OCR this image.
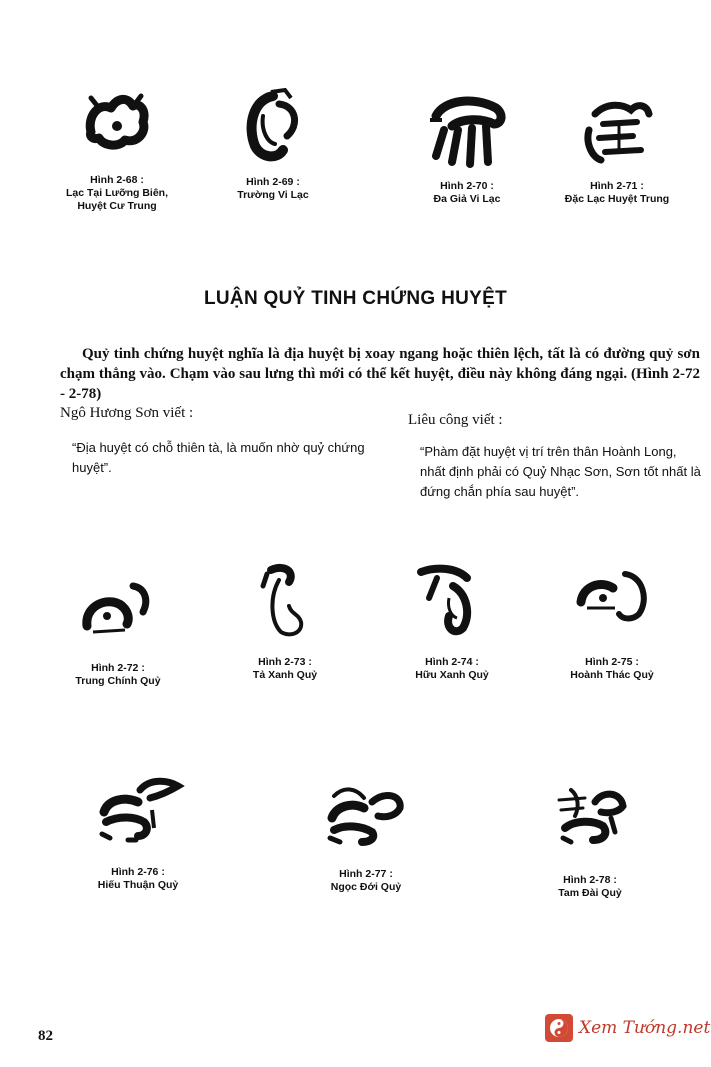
Hình 2-68 :
Lạc Tại Lưỡng Biên,
Huyệt Cư Trung
Hình 2-69 :
Trường Vi Lạc
Hình 2-70 :
Đa Giả Vi Lạc
Hình 2-71 :
Đặc Lạc Huyệt Trung
LUẬN QUỶ TINH CHỨNG HUYỆT

Quỷ tinh chứng huyệt nghĩa là địa huyệt bị xoay ngang hoặc thiên lệch, tất là có đường quỷ sơn chạm thẳng vào. Chạm vào sau lưng thì mới có thể kết huyệt, điều này không đáng ngại. (Hình 2-72 - 2-78)

Ngô Hương Sơn viết :
“Địa huyệt có chỗ thiên tà, là muốn nhờ quỷ chứng huyệt”.
Liêu công viết :
“Phàm đặt huyệt vị trí trên thân Hoành Long, nhất định phải có Quỷ Nhạc Sơn, Sơn tốt nhất là đứng chắn phía sau huyệt”.
Hình 2-72 :
Trung Chính Quỷ
Hình 2-73 :
Tả Xanh Quỷ
Hình 2-74 :
Hữu Xanh Quỷ
Hình 2-75 :
Hoành Thác Quỷ
Hình 2-76 :
Hiếu Thuận Quỷ
Hình 2-77 :
Ngọc Đới Quỷ
Hình 2-78 :
Tam Đài Quỷ
82	Xem Tướng.net
